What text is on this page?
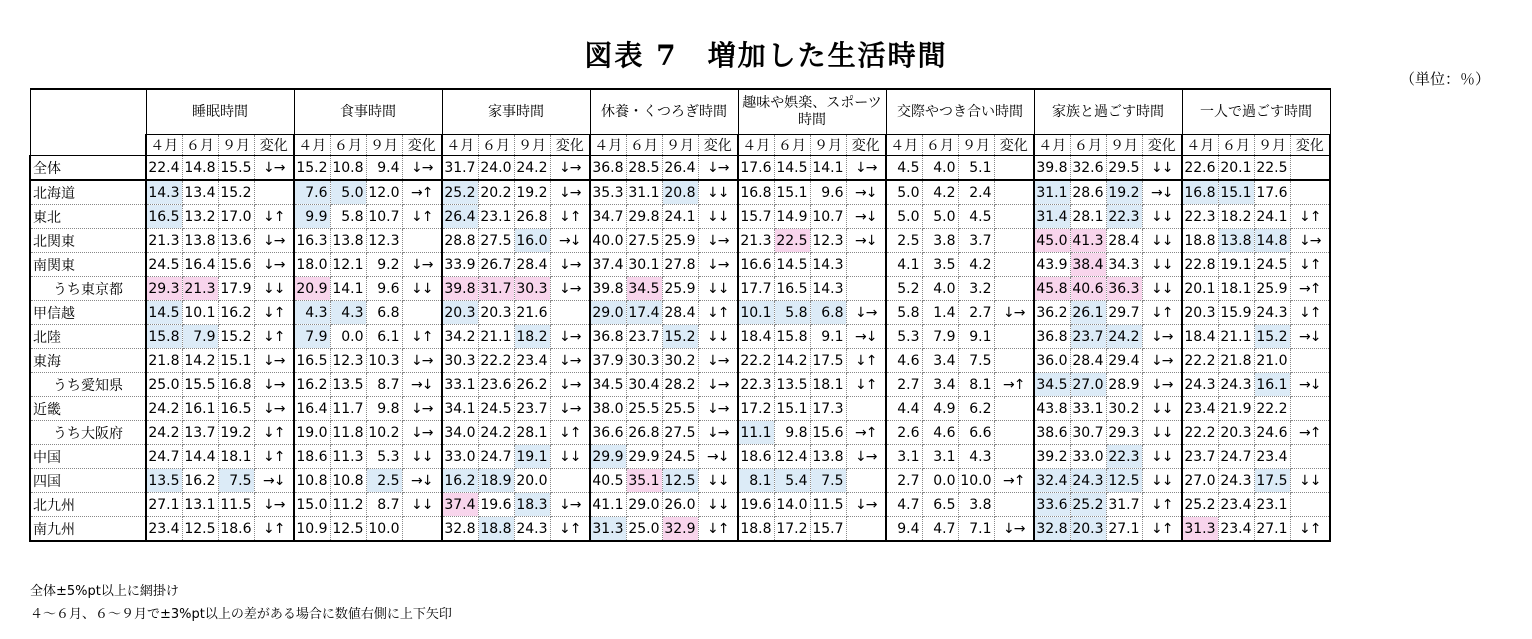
図表 7　増加した生活時間
（単位：％）
	睡眠時間				食事時間				家事時間				休養・くつろぎ時間				趣味や娯楽、スポーツ時間				交際やつき合い時間				家族と過ごす時間				一人で過ごす時間			
	４月	６月	９月	変化	４月	６月	９月	変化	４月	６月	９月	変化	４月	６月	９月	変化	４月	６月	９月	変化	４月	６月	９月	変化	４月	６月	９月	変化	４月	６月	９月	変化
全体	22.4	14.8	15.5	↓→	15.2	10.8	9.4	↓→	31.7	24.0	24.2	↓→	36.8	28.5	26.4	↓→	17.6	14.5	14.1	↓→	4.5	4.0	5.1		39.8	32.6	29.5	↓↓	22.6	20.1	22.5	
北海道	14.3	13.4	15.2		7.6	5.0	12.0	→↑	25.2	20.2	19.2	↓→	35.3	31.1	20.8	↓↓	16.8	15.1	9.6	→↓	5.0	4.2	2.4		31.1	28.6	19.2	→↓	16.8	15.1	17.6	
東北	16.5	13.2	17.0	↓↑	9.9	5.8	10.7	↓↑	26.4	23.1	26.8	↓↑	34.7	29.8	24.1	↓↓	15.7	14.9	10.7	→↓	5.0	5.0	4.5		31.4	28.1	22.3	↓↓	22.3	18.2	24.1	↓↑
北関東	21.3	13.8	13.6	↓→	16.3	13.8	12.3		28.8	27.5	16.0	→↓	40.0	27.5	25.9	↓→	21.3	22.5	12.3	→↓	2.5	3.8	3.7		45.0	41.3	28.4	↓↓	18.8	13.8	14.8	↓→
南関東	24.5	16.4	15.6	↓→	18.0	12.1	9.2	↓→	33.9	26.7	28.4	↓→	37.4	30.1	27.8	↓→	16.6	14.5	14.3		4.1	3.5	4.2		43.9	38.4	34.3	↓↓	22.8	19.1	24.5	↓↑
うち東京都	29.3	21.3	17.9	↓↓	20.9	14.1	9.6	↓↓	39.8	31.7	30.3	↓→	39.8	34.5	25.9	↓↓	17.7	16.5	14.3		5.2	4.0	3.2		45.8	40.6	36.3	↓↓	20.1	18.1	25.9	→↑
甲信越	14.5	10.1	16.2	↓↑	4.3	4.3	6.8		20.3	20.3	21.6		29.0	17.4	28.4	↓↑	10.1	5.8	6.8	↓→	5.8	1.4	2.7	↓→	36.2	26.1	29.7	↓↑	20.3	15.9	24.3	↓↑
北陸	15.8	7.9	15.2	↓↑	7.9	0.0	6.1	↓↑	34.2	21.1	18.2	↓→	36.8	23.7	15.2	↓↓	18.4	15.8	9.1	→↓	5.3	7.9	9.1		36.8	23.7	24.2	↓→	18.4	21.1	15.2	→↓
東海	21.8	14.2	15.1	↓→	16.5	12.3	10.3	↓→	30.3	22.2	23.4	↓→	37.9	30.3	30.2	↓→	22.2	14.2	17.5	↓↑	4.6	3.4	7.5		36.0	28.4	29.4	↓→	22.2	21.8	21.0	
うち愛知県	25.0	15.5	16.8	↓→	16.2	13.5	8.7	→↓	33.1	23.6	26.2	↓→	34.5	30.4	28.2	↓→	22.3	13.5	18.1	↓↑	2.7	3.4	8.1	→↑	34.5	27.0	28.9	↓→	24.3	24.3	16.1	→↓
近畿	24.2	16.1	16.5	↓→	16.4	11.7	9.8	↓→	34.1	24.5	23.7	↓→	38.0	25.5	25.5	↓→	17.2	15.1	17.3		4.4	4.9	6.2		43.8	33.1	30.2	↓↓	23.4	21.9	22.2	
うち大阪府	24.2	13.7	19.2	↓↑	19.0	11.8	10.2	↓→	34.0	24.2	28.1	↓↑	36.6	26.8	27.5	↓→	11.1	9.8	15.6	→↑	2.6	4.6	6.6		38.6	30.7	29.3	↓↓	22.2	20.3	24.6	→↑
中国	24.7	14.4	18.1	↓↑	18.6	11.3	5.3	↓↓	33.0	24.7	19.1	↓↓	29.9	29.9	24.5	→↓	18.6	12.4	13.8	↓→	3.1	3.1	4.3		39.2	33.0	22.3	↓↓	23.7	24.7	23.4	
四国	13.5	16.2	7.5	→↓	10.8	10.8	2.5	→↓	16.2	18.9	20.0		40.5	35.1	12.5	↓↓	8.1	5.4	7.5		2.7	0.0	10.0	→↑	32.4	24.3	12.5	↓↓	27.0	24.3	17.5	↓↓
北九州	27.1	13.1	11.5	↓→	15.0	11.2	8.7	↓↓	37.4	19.6	18.3	↓→	41.1	29.0	26.0	↓↓	19.6	14.0	11.5	↓→	4.7	6.5	3.8		33.6	25.2	31.7	↓↑	25.2	23.4	23.1	
南九州	23.4	12.5	18.6	↓↑	10.9	12.5	10.0		32.8	18.8	24.3	↓↑	31.3	25.0	32.9	↓↑	18.8	17.2	15.7		9.4	4.7	7.1	↓→	32.8	20.3	27.1	↓↑	31.3	23.4	27.1	↓↑
全体±5%pt以上に網掛け
４～６月、６～９月で±3%pt以上の差がある場合に数値右側に上下矢印
